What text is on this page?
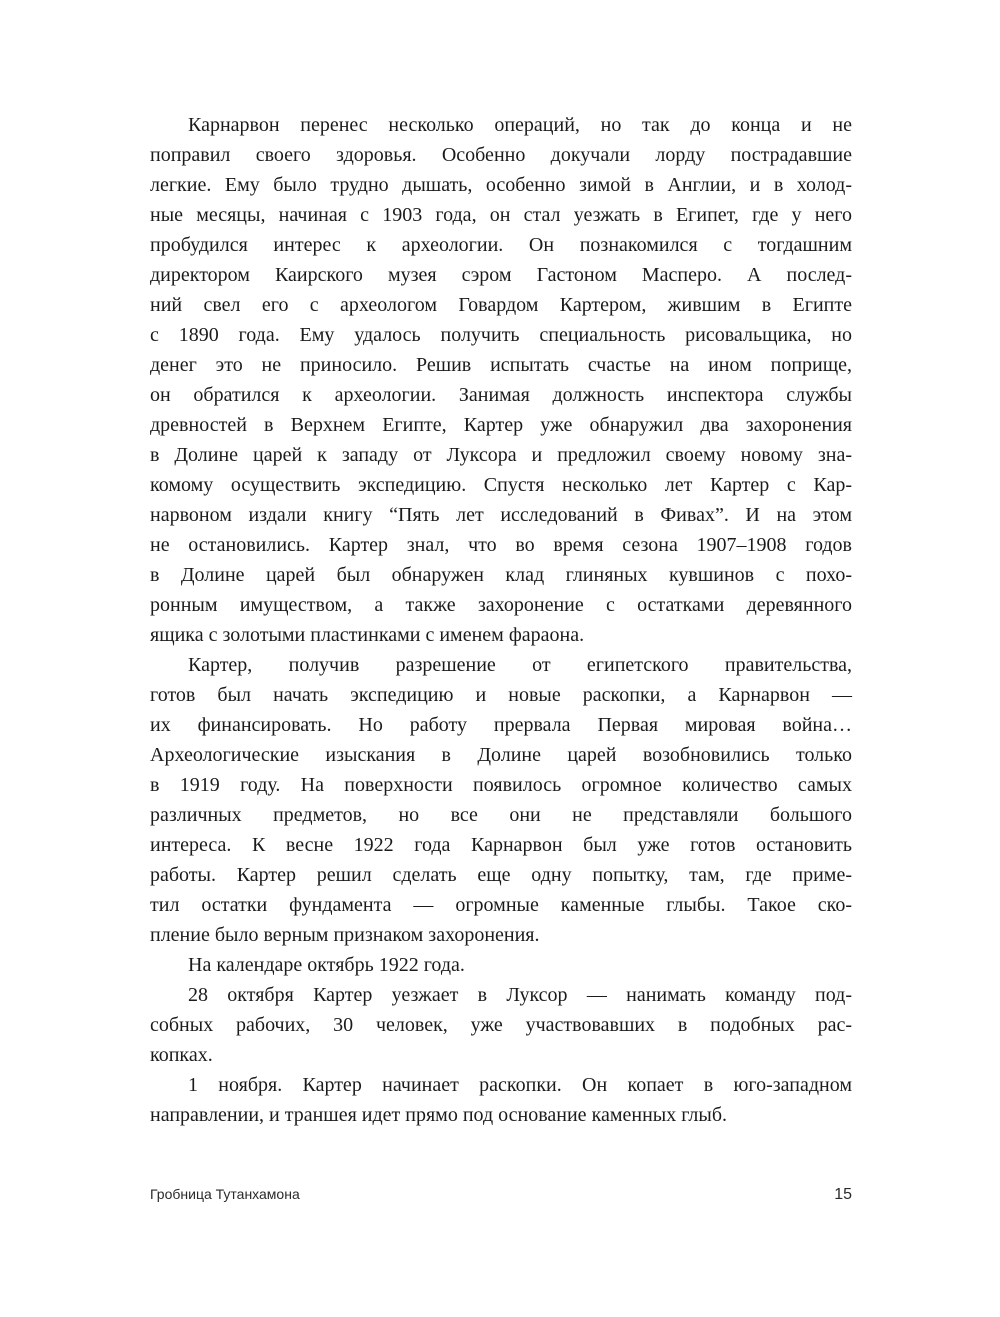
Карнарвон перенес несколько операций, но так до конца и не
поправил своего здоровья. Особенно докучали лорду пострадавшие
легкие. Ему было трудно дышать, особенно зимой в Англии, и в холод-
ные месяцы, начиная с 1903 года, он стал уезжать в Египет, где у него
пробудился интерес к археологии. Он познакомился с тогдашним
директором Каирского музея сэром Гастоном Масперо. А послед-
ний свел его с археологом Говардом Картером, жившим в Египте
с 1890 года. Ему удалось получить специальность рисовальщика, но
денег это не приносило. Решив испытать счастье на ином поприще,
он обратился к археологии. Занимая должность инспектора службы
древностей в Верхнем Египте, Картер уже обнаружил два захоронения
в Долине царей к западу от Луксора и предложил своему новому зна-
комому осуществить экспедицию. Спустя несколько лет Картер с Кар-
нарвоном издали книгу “Пять лет исследований в Фивах”. И на этом
не остановились. Картер знал, что во время сезона 1907–1908 годов
в Долине царей был обнаружен клад глиняных кувшинов с похо-
ронным имуществом, а также захоронение с остатками деревянного
ящика с золотыми пластинками с именем фараона.
Картер, получив разрешение от египетского правительства,
готов был начать экспедицию и новые раскопки, а Карнарвон —
их финансировать. Но работу прервала Первая мировая война…
Археологические изыскания в Долине царей возобновились только
в 1919 году. На поверхности появилось огромное количество самых
различных предметов, но все они не представляли большого
интереса. К весне 1922 года Карнарвон был уже готов остановить
работы. Картер решил сделать еще одну попытку, там, где приме-
тил остатки фундамента — огромные каменные глыбы. Такое ско-
пление было верным признаком захоронения.
На календаре октябрь 1922 года.
28 октября Картер уезжает в Луксор — нанимать команду под-
собных рабочих, 30 человек, уже участвовавших в подобных рас-
копках.
1 ноября. Картер начинает раскопки. Он копает в юго-западном
направлении, и траншея идет прямо под основание каменных глыб.
Гробница Тутанхамона	15
